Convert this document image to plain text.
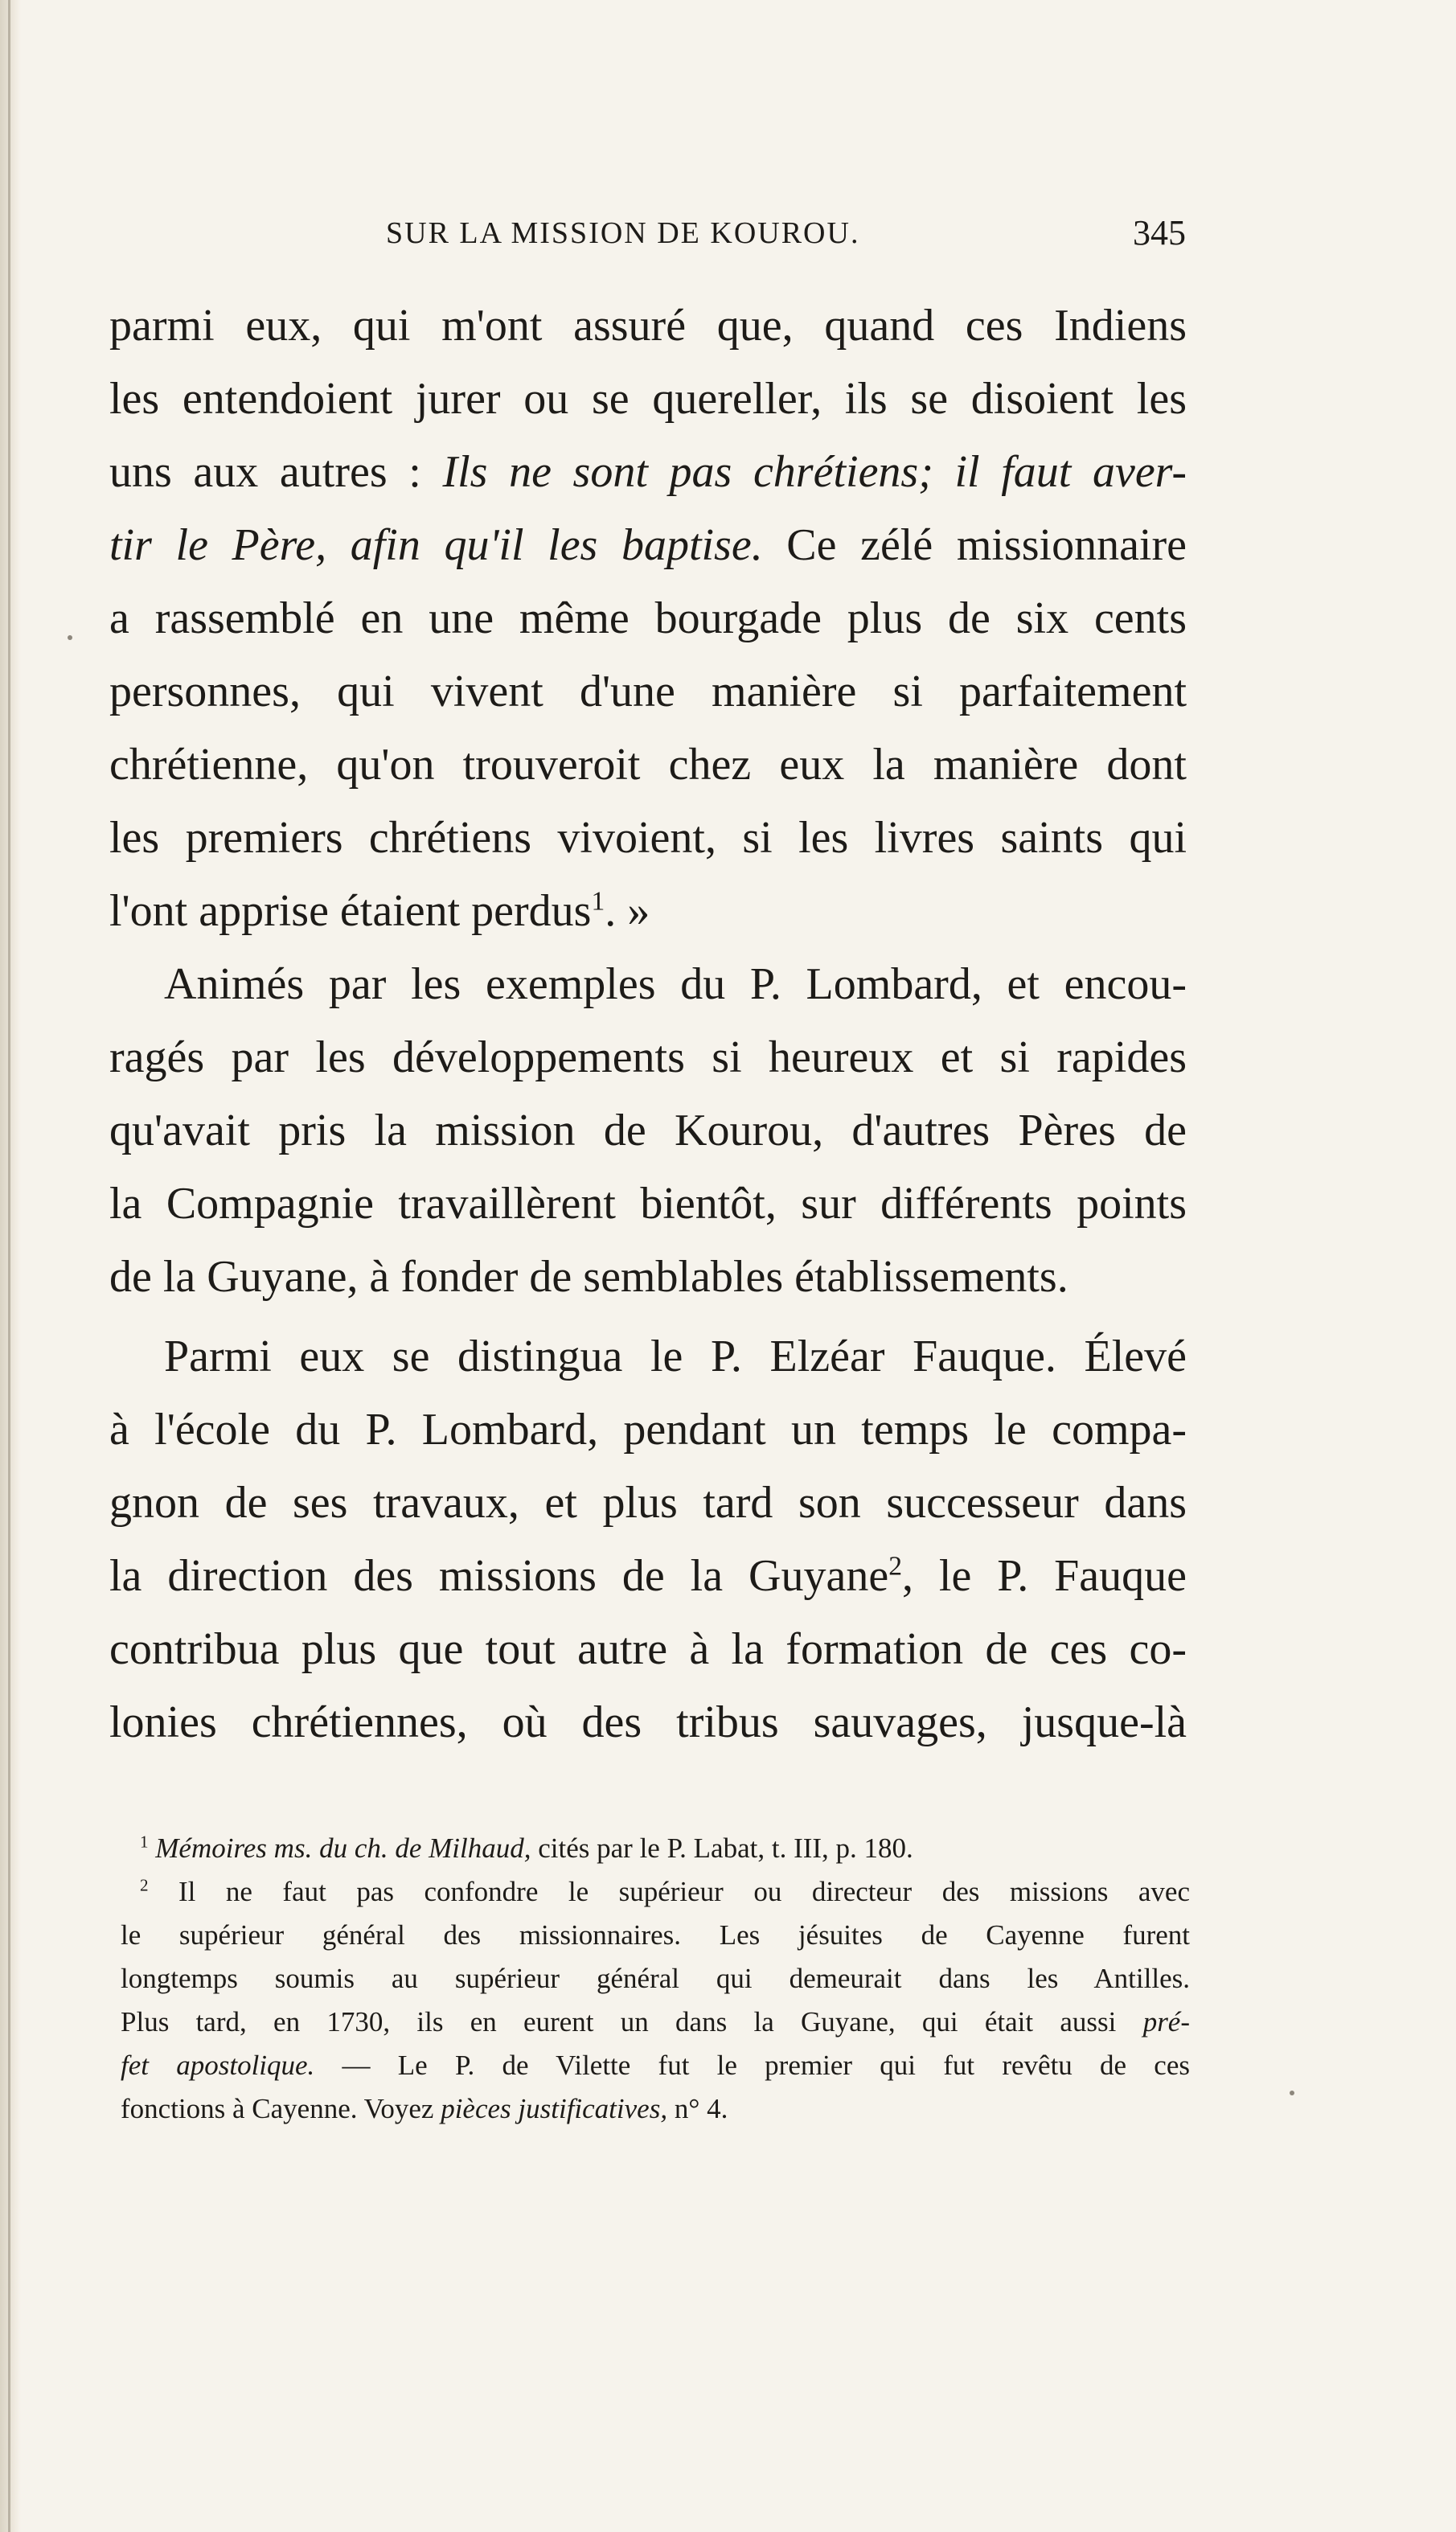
SUR LA MISSION DE KOUROU.	345
parmi eux, qui m'ont assuré que, quand ces Indiens
les entendoient jurer ou se quereller, ils se disoient les
uns aux autres : Ils ne sont pas chrétiens; il faut aver-
tir le Père, afin qu'il les baptise. Ce zélé missionnaire
a rassemblé en une même bourgade plus de six cents
personnes, qui vivent d'une manière si parfaitement
chrétienne, qu'on trouveroit chez eux la manière dont
les premiers chrétiens vivoient, si les livres saints qui
l'ont apprise étaient perdus$^1$. »
Animés par les exemples du P. Lombard, et encou-
ragés par les développements si heureux et si rapides
qu'avait pris la mission de Kourou, d'autres Pères de
la Compagnie travaillèrent bientôt, sur différents points
de la Guyane, à fonder de semblables établissements.
Parmi eux se distingua le P. Elzéar Fauque. Élevé
à l'école du P. Lombard, pendant un temps le compa-
gnon de ses travaux, et plus tard son successeur dans
la direction des missions de la Guyane$^2$, le P. Fauque
contribua plus que tout autre à la formation de ces co-
lonies chrétiennes, où des tribus sauvages, jusque-là
$^1$ Mémoires ms. du ch. de Milhaud, cités par le P. Labat, t. III, p. 180.
$^2$ Il ne faut pas confondre le supérieur ou directeur des missions avec
le supérieur général des missionnaires. Les jésuites de Cayenne furent
longtemps soumis au supérieur général qui demeurait dans les Antilles.
Plus tard, en 1730, ils en eurent un dans la Guyane, qui était aussi pré-
fet apostolique. — Le P. de Vilette fut le premier qui fut revêtu de ces
fonctions à Cayenne. Voyez pièces justificatives, n° 4.
